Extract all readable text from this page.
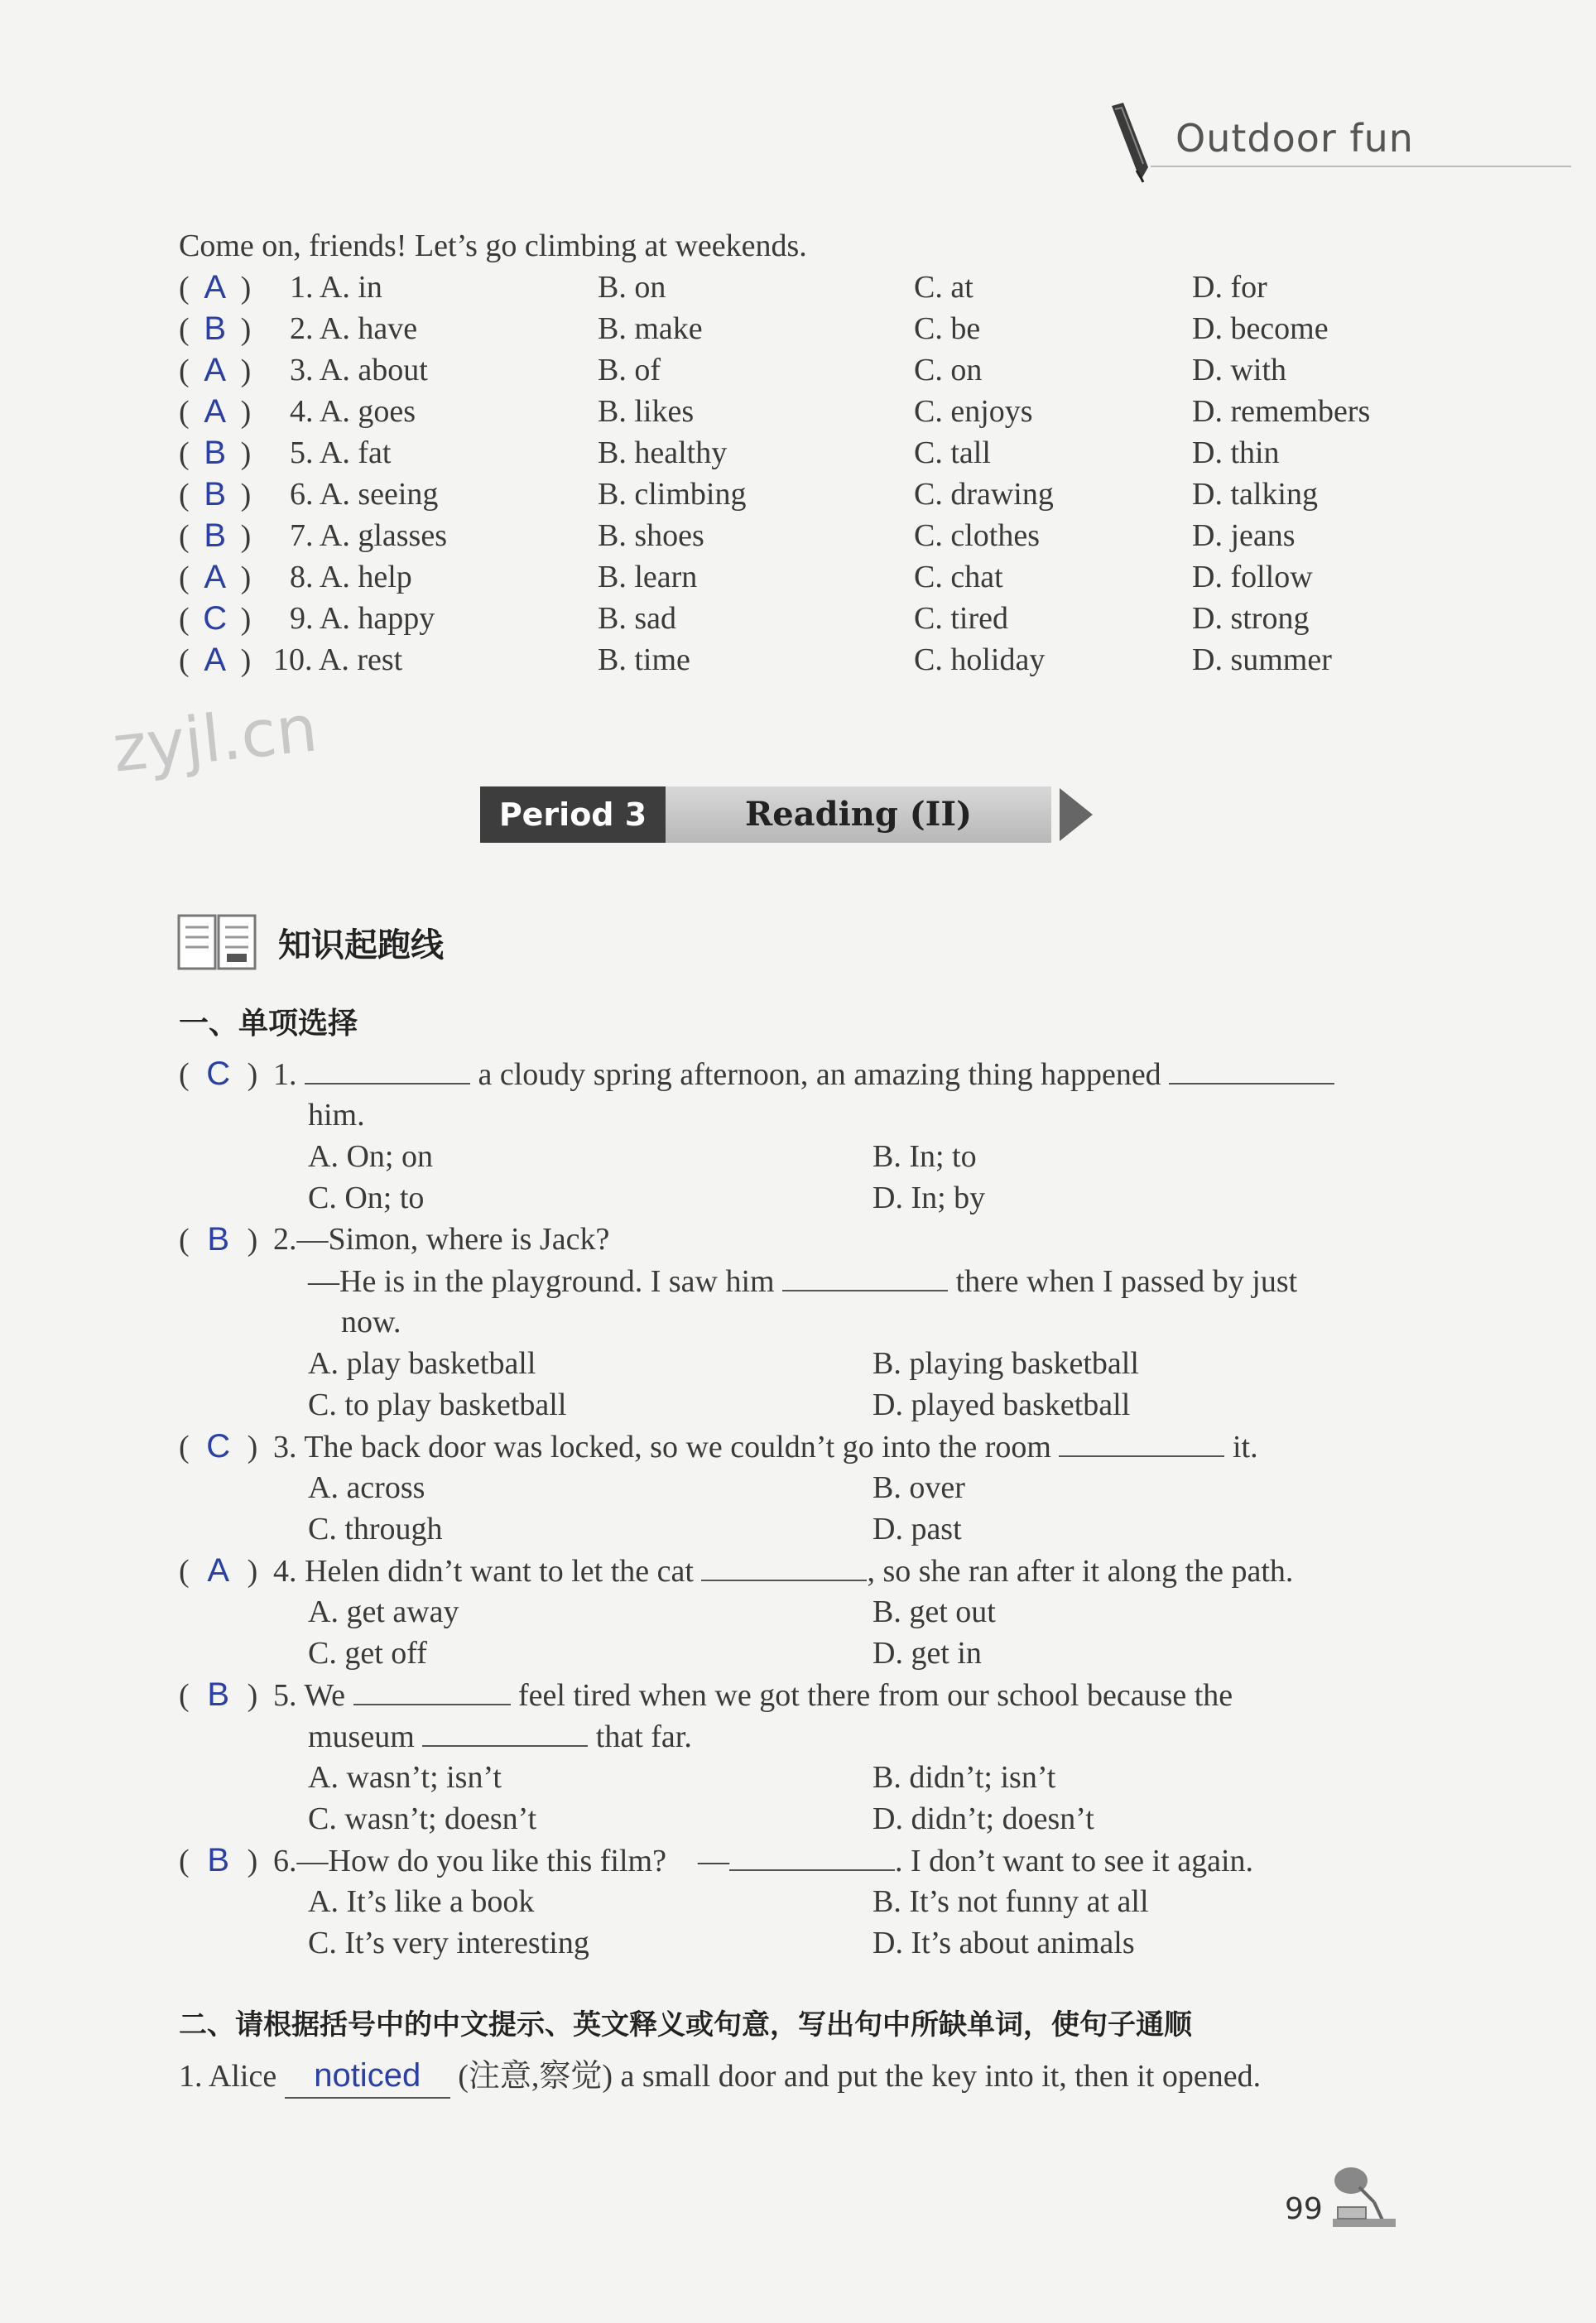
Outdoor fun
Come on, friends! Let’s go climbing at weekends.
( A ) 1. A. in	B. on	C. at	D. for
( B ) 2. A. have	B. make	C. be	D. become
( A ) 3. A. about	B. of	C. on	D. with
( A ) 4. A. goes	B. likes	C. enjoys	D. remembers
( B ) 5. A. fat	B. healthy	C. tall	D. thin
( B ) 6. A. seeing	B. climbing	C. drawing	D. talking
( B ) 7. A. glasses	B. shoes	C. clothes	D. jeans
( A ) 8. A. help	B. learn	C. chat	D. follow
( C ) 9. A. happy	B. sad	C. tired	D. strong
( A ) 10. A. rest	B. time	C. holiday	D. summer
zyjl.cn
Period 3	Reading (II)
知识起跑线
一、单项选择
( C ) 1.	a cloudy spring afternoon, an amazing thing happened
him.
A. On; on	B. In; to
C. On; to	D. In; by
( B ) 2.—Simon, where is Jack?
—He is in the playground. I saw him	there when I passed by just
now.
A. play basketball	B. playing basketball
C. to play basketball	D. played basketball
( C ) 3. The back door was locked, so we couldn’t go into the room	it.
A. across	B. over
C. through	D. past
( A ) 4. Helen didn’t want to let the cat	, so she ran after it along the path.
A. get away	B. get out
C. get off	D. get in
( B ) 5. We	feel tired when we got there from our school because the
museum	that far.
A. wasn’t; isn’t	B. didn’t; isn’t
C. wasn’t; doesn’t	D. didn’t; doesn’t
( B ) 6.—How do you like this film? —	. I don’t want to see it again.
A. It’s like a book	B. It’s not funny at all
C. It’s very interesting	D. It’s about animals
二、请根据括号中的中文提示、英文释义或句意，写出句中所缺单词，使句子通顺
1. Alice noticed (注意,察觉) a small door and put the key into it, then it opened.
99
